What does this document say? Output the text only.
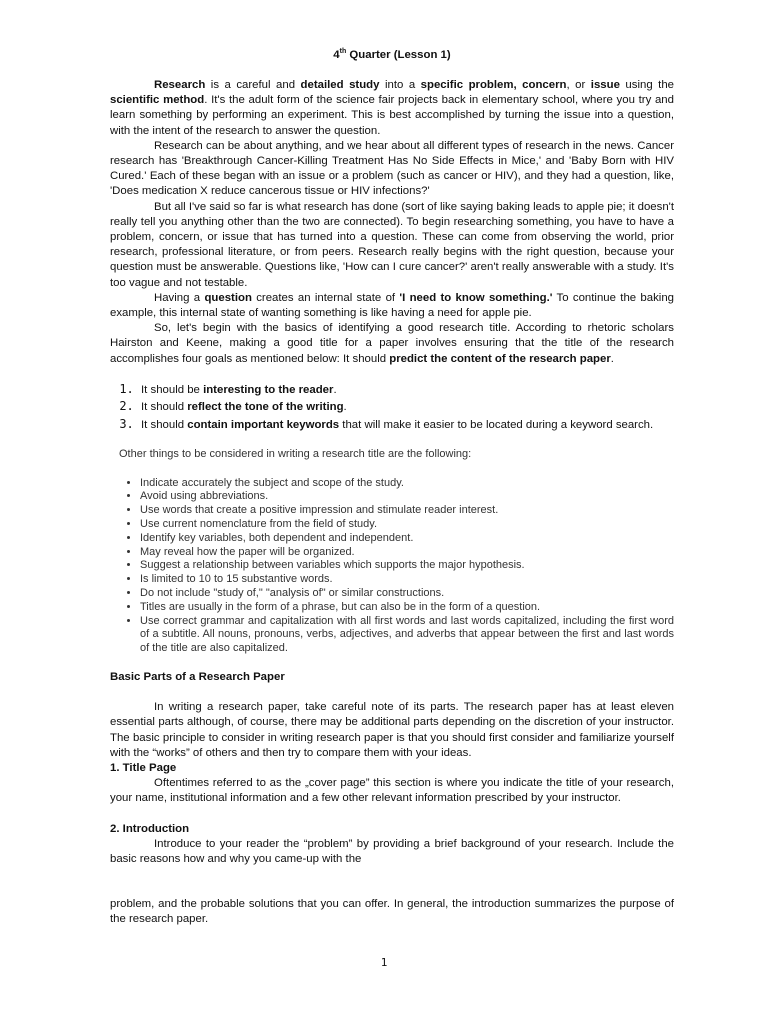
4th Quarter (Lesson 1)

Research is a careful and detailed study into a specific problem, concern, or issue using the scientific method. It's the adult form of the science fair projects back in elementary school, where you try and learn something by performing an experiment. This is best accomplished by turning the issue into a question, with the intent of the research to answer the question.

Research can be about anything, and we hear about all different types of research in the news. Cancer research has 'Breakthrough Cancer-Killing Treatment Has No Side Effects in Mice,' and 'Baby Born with HIV Cured.' Each of these began with an issue or a problem (such as cancer or HIV), and they had a question, like, 'Does medication X reduce cancerous tissue or HIV infections?'

But all I've said so far is what research has done (sort of like saying baking leads to apple pie; it doesn't really tell you anything other than the two are connected). To begin researching something, you have to have a problem, concern, or issue that has turned into a question. These can come from observing the world, prior research, professional literature, or from peers. Research really begins with the right question, because your question must be answerable. Questions like, 'How can I cure cancer?' aren't really answerable with a study. It's too vague and not testable.

Having a question creates an internal state of 'I need to know something.' To continue the baking example, this internal state of wanting something is like having a need for apple pie.

So, let's begin with the basics of identifying a good research title. According to rhetoric scholars Hairston and Keene, making a good title for a paper involves ensuring that the title of the research accomplishes four goals as mentioned below: It should predict the content of the research paper.

1. It should be interesting to the reader.
2. It should reflect the tone of the writing.
3. It should contain important keywords that will make it easier to be located during a keyword search.

Other things to be considered in writing a research title are the following:

• Indicate accurately the subject and scope of the study.
• Avoid using abbreviations.
• Use words that create a positive impression and stimulate reader interest.
• Use current nomenclature from the field of study.
• Identify key variables, both dependent and independent.
• May reveal how the paper will be organized.
• Suggest a relationship between variables which supports the major hypothesis.
• Is limited to 10 to 15 substantive words.
• Do not include "study of," "analysis of" or similar constructions.
• Titles are usually in the form of a phrase, but can also be in the form of a question.
• Use correct grammar and capitalization with all first words and last words capitalized, including the first word of a subtitle. All nouns, pronouns, verbs, adjectives, and adverbs that appear between the first and last words of the title are also capitalized.

Basic Parts of a Research Paper

In writing a research paper, take careful note of its parts. The research paper has at least eleven essential parts although, of course, there may be additional parts depending on the discretion of your instructor. The basic principle to consider in writing research paper is that you should first consider and familiarize yourself with the “works” of others and then try to compare them with your ideas.

1. Title Page

Oftentimes referred to as the „cover page” this section is where you indicate the title of your research, your name, institutional information and a few other relevant information prescribed by your instructor.

2. Introduction

Introduce to your reader the “problem” by providing a brief background of your research. Include the basic reasons how and why you came-up with the

problem, and the probable solutions that you can offer. In general, the introduction summarizes the purpose of the research paper.

1
